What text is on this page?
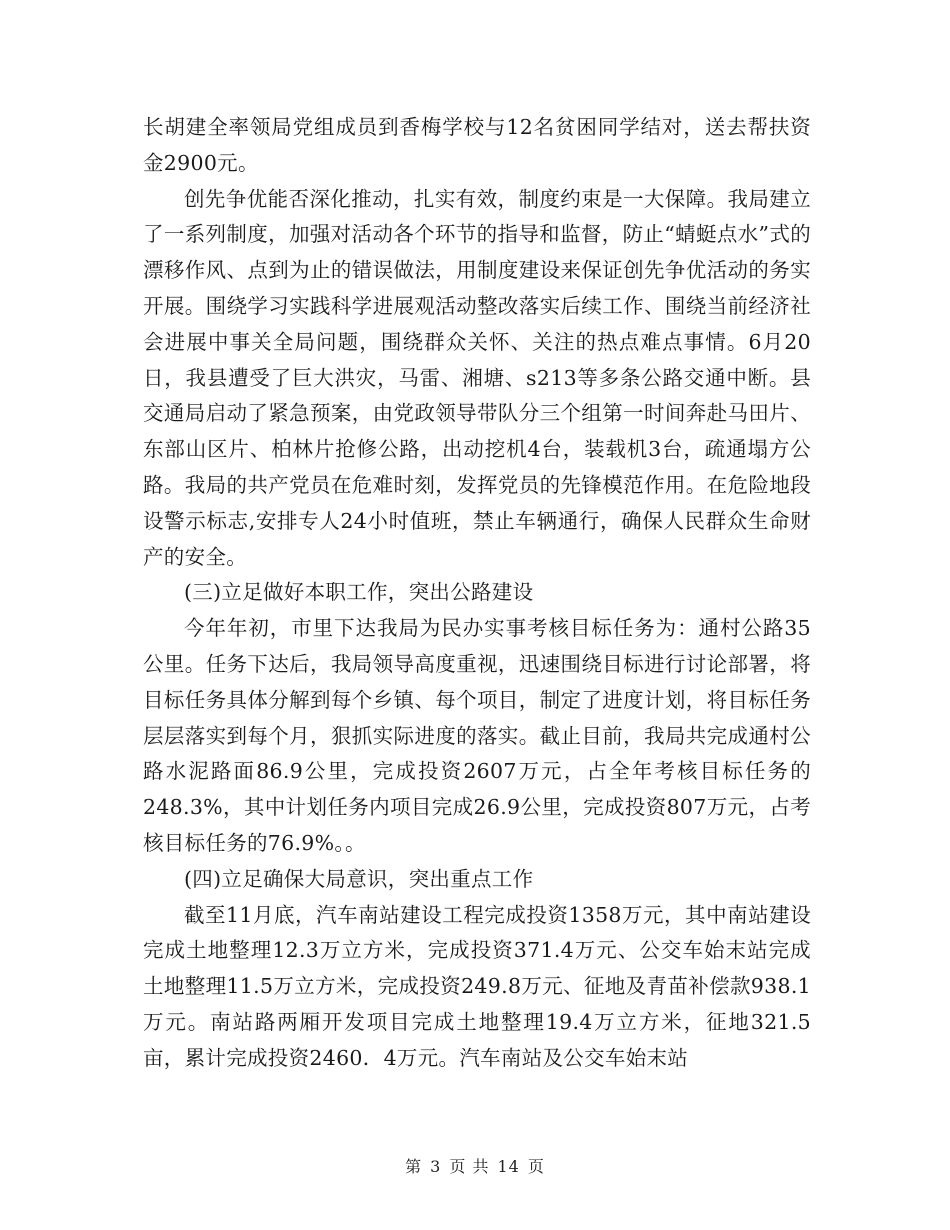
长胡建全率领局党组成员到香梅学校与12名贫困同学结对，送去帮扶资金2900元。

创先争优能否深化推动，扎实有效，制度约束是一大保障。我局建立了一系列制度，加强对活动各个环节的指导和监督，防止“蜻蜓点水”式的漂移作风、点到为止的错误做法，用制度建设来保证创先争优活动的务实开展。围绕学习实践科学进展观活动整改落实后续工作、围绕当前经济社会进展中事关全局问题，围绕群众关怀、关注的热点难点事情。6月20日，我县遭受了巨大洪灾，马雷、湘塘、s213等多条公路交通中断。县交通局启动了紧急预案，由党政领导带队分三个组第一时间奔赴马田片、东部山区片、柏林片抢修公路，出动挖机4台，装载机3台，疏通塌方公路。我局的共产党员在危难时刻，发挥党员的先锋模范作用。在危险地段设警示标志,安排专人24小时值班，禁止车辆通行，确保人民群众生命财产的安全。

(三)立足做好本职工作，突出公路建设

今年年初，市里下达我局为民办实事考核目标任务为：通村公路35公里。任务下达后，我局领导高度重视，迅速围绕目标进行讨论部署，将目标任务具体分解到每个乡镇、每个项目，制定了进度计划，将目标任务层层落实到每个月，狠抓实际进度的落实。截止目前，我局共完成通村公路水泥路面86.9公里，完成投资2607万元，占全年考核目标任务的248.3%，其中计划任务内项目完成26.9公里，完成投资807万元，占考核目标任务的76.9%。。

(四)立足确保大局意识，突出重点工作

截至11月底，汽车南站建设工程完成投资1358万元，其中南站建设完成土地整理12.3万立方米，完成投资371.4万元、公交车始末站完成土地整理11.5万立方米，完成投资249.8万元、征地及青苗补偿款938.1万元。南站路两厢开发项目完成土地整理19.4万立方米，征地321.5亩，累计完成投资2460．4万元。汽车南站及公交车始末站

第 3 页 共 14 页
